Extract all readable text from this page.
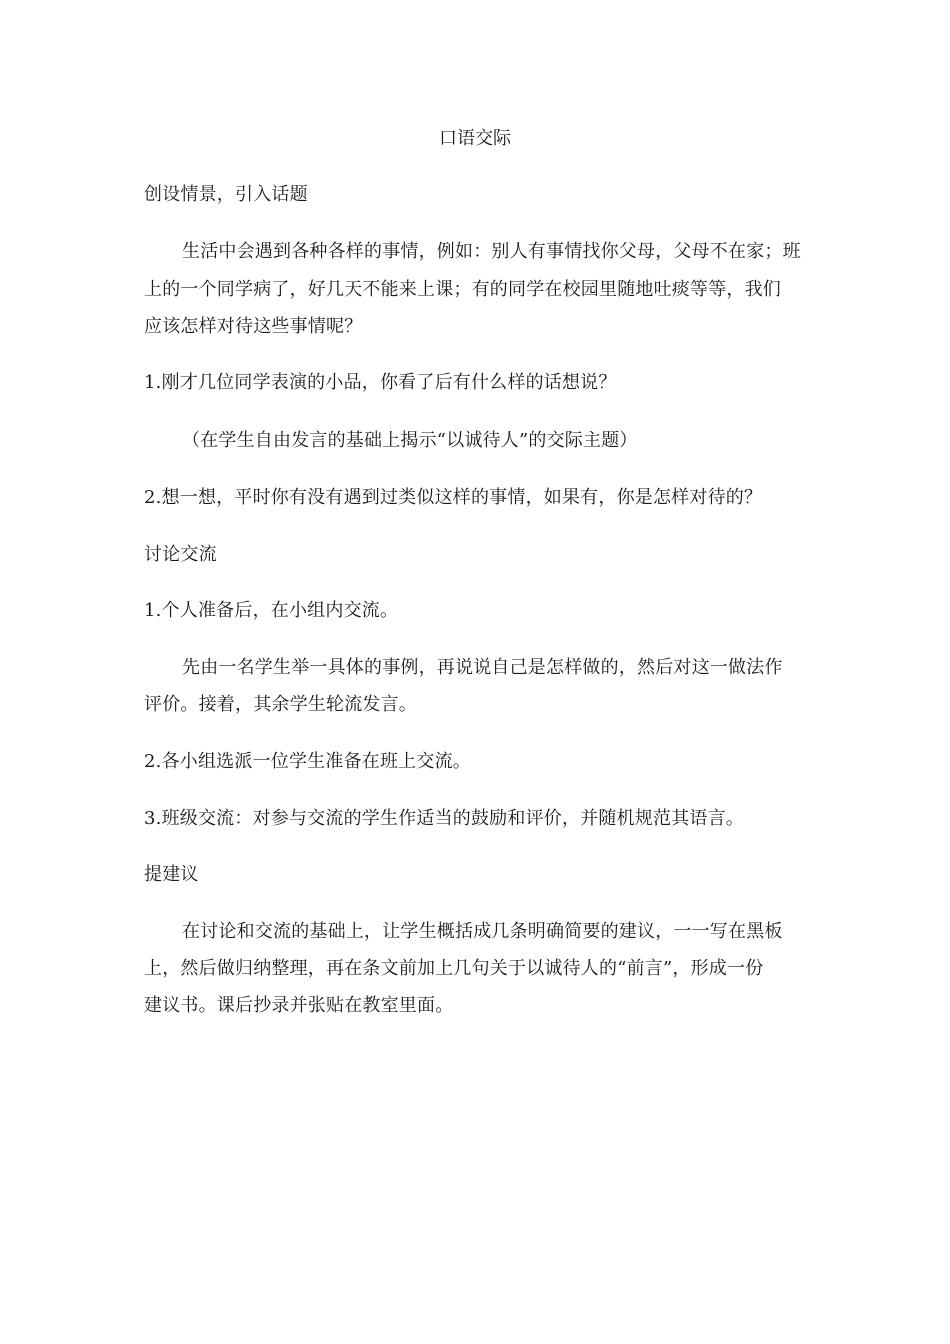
口语交际
创设情景，引入话题
生活中会遇到各种各样的事情，例如：别人有事情找你父母，父母不在家；班
上的一个同学病了，好几天不能来上课；有的同学在校园里随地吐痰等等，我们
应该怎样对待这些事情呢？
1.刚才几位同学表演的小品，你看了后有什么样的话想说？
（在学生自由发言的基础上揭示“以诚待人”的交际主题）
2.想一想，平时你有没有遇到过类似这样的事情，如果有，你是怎样对待的？
讨论交流
1.个人准备后，在小组内交流。
先由一名学生举一具体的事例，再说说自己是怎样做的，然后对这一做法作
评价。接着，其余学生轮流发言。
2.各小组选派一位学生准备在班上交流。
3.班级交流：对参与交流的学生作适当的鼓励和评价，并随机规范其语言。
提建议
在讨论和交流的基础上，让学生概括成几条明确简要的建议，一一写在黑板
上，然后做归纳整理，再在条文前加上几句关于以诚待人的“前言”，形成一份
建议书。课后抄录并张贴在教室里面。
